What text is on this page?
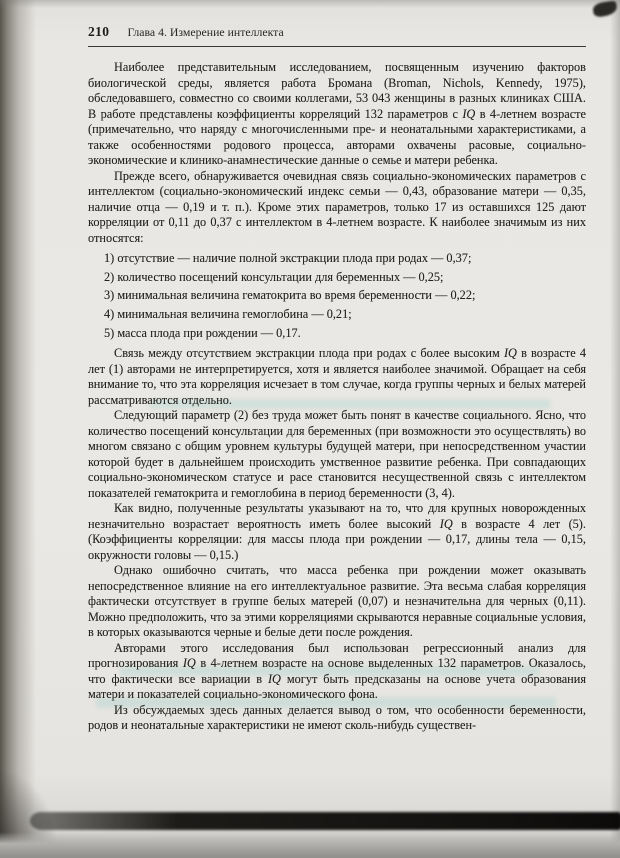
210 Глава 4. Измерение интеллекта

Наиболее представительным исследованием, посвященным изучению факторов биологической среды, является работа Бромана (Broman, Nichols, Kennedy, 1975), обследовавшего, совместно со своими коллегами, 53 043 женщины в разных клиниках США. В работе представлены коэффициенты корреляций 132 параметров с IQ в 4-летнем возрасте (примечательно, что наряду с многочисленными пре- и неонатальными характеристиками, а также особенностями родового процесса, авторами охвачены расовые, социально-экономические и клинико-анамнестические данные о семье и матери ребенка.

Прежде всего, обнаруживается очевидная связь социально-экономических параметров с интеллектом (социально-экономический индекс семьи — 0,43, образование матери — 0,35, наличие отца — 0,19 и т. п.). Кроме этих параметров, только 17 из оставшихся 125 дают корреляции от 0,11 до 0,37 с интеллектом в 4-летнем возрасте. К наиболее значимым из них относятся:

1) отсутствие — наличие полной экстракции плода при родах — 0,37;
2) количество посещений консультации для беременных — 0,25;
3) минимальная величина гематокрита во время беременности — 0,22;
4) минимальная величина гемоглобина — 0,21;
5) масса плода при рождении — 0,17.

Связь между отсутствием экстракции плода при родах с более высоким IQ в возрасте 4 лет (1) авторами не интерпретируется, хотя и является наиболее значимой. Обращает на себя внимание то, что эта корреляция исчезает в том случае, когда группы черных и белых матерей рассматриваются отдельно.

Следующий параметр (2) без труда может быть понят в качестве социального. Ясно, что количество посещений консультации для беременных (при возможности это осуществлять) во многом связано с общим уровнем культуры будущей матери, при непосредственном участии которой будет в дальнейшем происходить умственное развитие ребенка. При совпадающих социально-экономическом статусе и расе становится несущественной связь с интеллектом показателей гематокрита и гемоглобина в период беременности (3, 4).

Как видно, полученные результаты указывают на то, что для крупных новорожденных незначительно возрастает вероятность иметь более высокий IQ в возрасте 4 лет (5). (Коэффициенты корреляции: для массы плода при рождении — 0,17, длины тела — 0,15, окружности головы — 0,15.)

Однако ошибочно считать, что масса ребенка при рождении может оказывать непосредственное влияние на его интеллектуальное развитие. Эта весьма слабая корреляция фактически отсутствует в группе белых матерей (0,07) и незначительна для черных (0,11). Можно предположить, что за этими корреляциями скрываются неравные социальные условия, в которых оказываются черные и белые дети после рождения.

Авторами этого исследования был использован регрессионный анализ для прогнозирования IQ в 4-летнем возрасте на основе выделенных 132 параметров. Оказалось, что фактически все вариации в IQ могут быть предсказаны на основе учета образования матери и показателей социально-экономического фона.

Из обсуждаемых здесь данных делается вывод о том, что особенности беременности, родов и неонатальные характеристики не имеют сколь-нибудь существен-
